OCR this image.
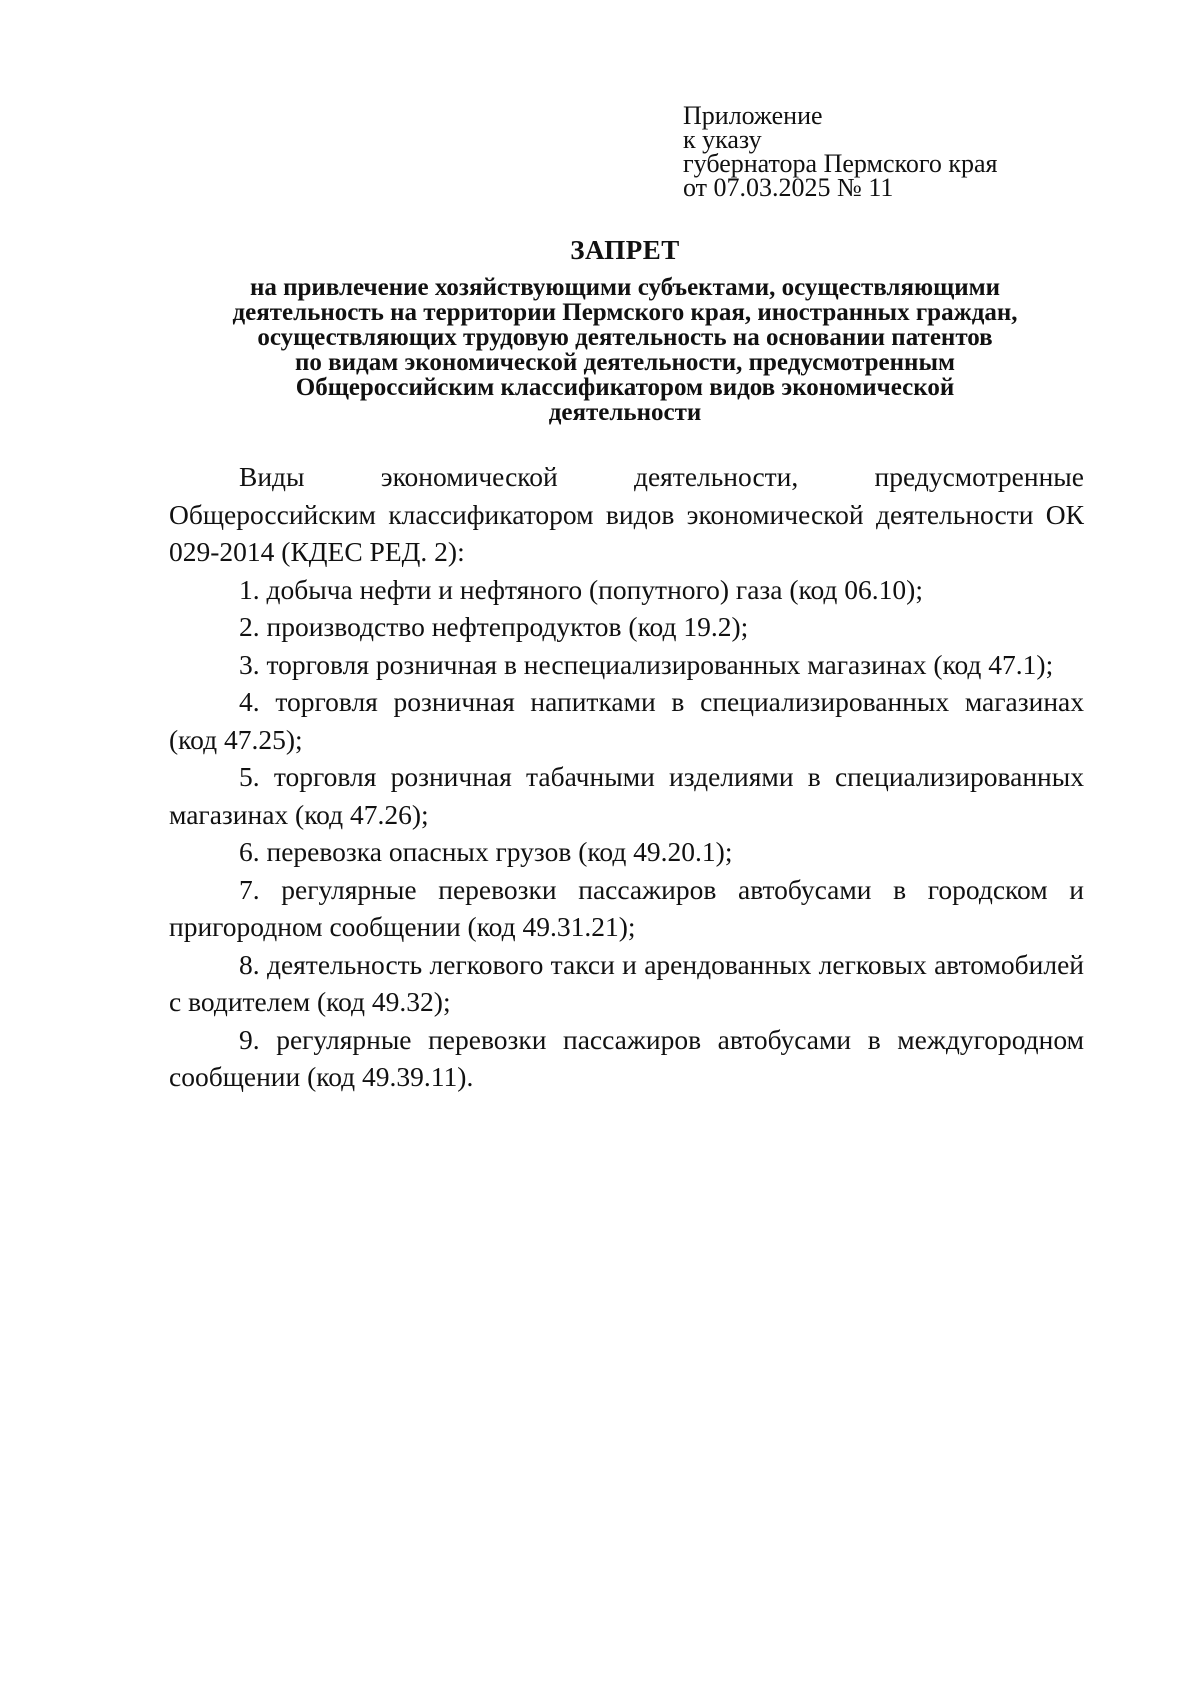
Приложение
к указу
губернатора Пермского края
от 07.03.2025 № 11
ЗАПРЕТ
на привлечение хозяйствующими субъектами, осуществляющими
деятельность на территории Пермского края, иностранных граждан,
осуществляющих трудовую деятельность на основании патентов
по видам экономической деятельности, предусмотренным
Общероссийским классификатором видов экономической
деятельности

Виды экономической деятельности, предусмотренные Общероссийским классификатором видов экономической деятельности ОК 029-2014 (КДЕС РЕД. 2):

1. добыча нефти и нефтяного (попутного) газа (код 06.10);

2. производство нефтепродуктов (код 19.2);

3. торговля розничная в неспециализированных магазинах (код 47.1);

4. торговля розничная напитками в специализированных магазинах (код 47.25);

5. торговля розничная табачными изделиями в специализированных магазинах (код 47.26);

6. перевозка опасных грузов (код 49.20.1);

7. регулярные перевозки пассажиров автобусами в городском и пригородном сообщении (код 49.31.21);

8. деятельность легкового такси и арендованных легковых автомобилей с водителем (код 49.32);

9. регулярные перевозки пассажиров автобусами в междугородном сообщении (код 49.39.11).
